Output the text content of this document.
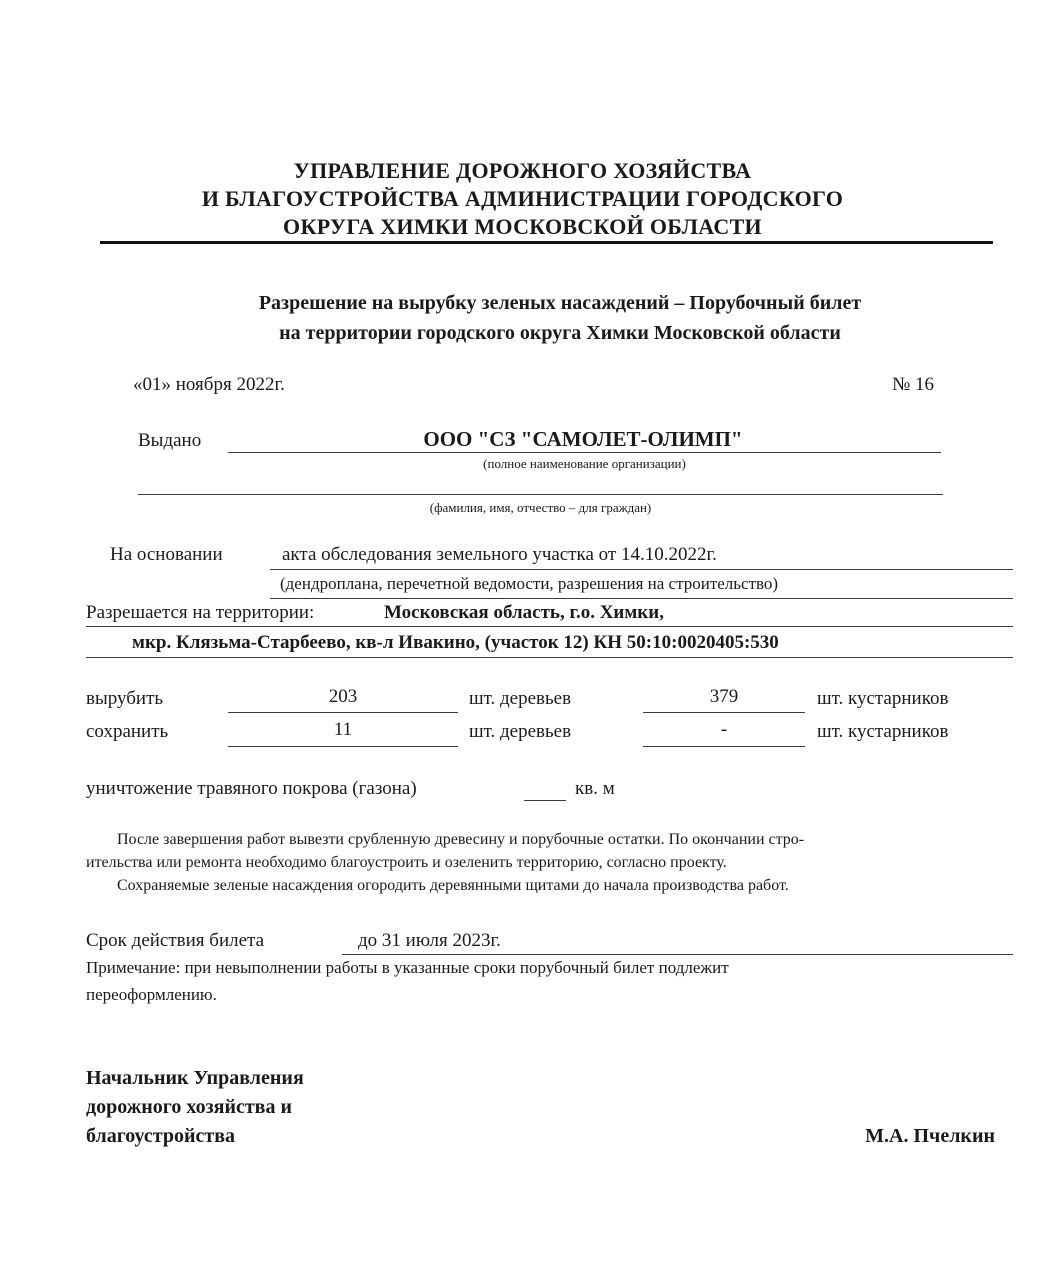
УПРАВЛЕНИЕ ДОРОЖНОГО ХОЗЯЙСТВА
И БЛАГОУСТРОЙСТВА АДМИНИСТРАЦИИ ГОРОДСКОГО
ОКРУГА ХИМКИ МОСКОВСКОЙ ОБЛАСТИ
Разрешение на вырубку зеленых насаждений – Порубочный билет
на территории городского округа Химки Московской области
«01» ноября 2022г.	№ 16
Выдано	ООО "СЗ "САМОЛЕТ-ОЛИМП"
(полное наименование организации)
(фамилия, имя, отчество – для граждан)
На основании	акта обследования земельного участка от 14.10.2022г.
(дендроплана, перечетной ведомости, разрешения на строительство)
Разрешается на территории:	Московская область, г.о. Химки,
мкр. Клязьма-Старбеево, кв-л Ивакино, (участок 12) КН 50:10:0020405:530
вырубить	203	шт. деревьев	379	шт. кустарников
сохранить	11	шт. деревьев	-	шт. кустарников
уничтожение травяного покрова (газона)	кв. м
После завершения работ вывезти срубленную древесину и порубочные остатки. По окончании стро-
ительства или ремонта необходимо благоустроить и озеленить территорию, согласно проекту.
Сохраняемые зеленые насаждения огородить деревянными щитами до начала производства работ.
Срок действия билета	до 31 июля 2023г.
Примечание: при невыполнении работы в указанные сроки порубочный билет подлежит
переоформлению.
Начальник Управления
дорожного хозяйства и
благоустройства	М.А. Пчелкин
